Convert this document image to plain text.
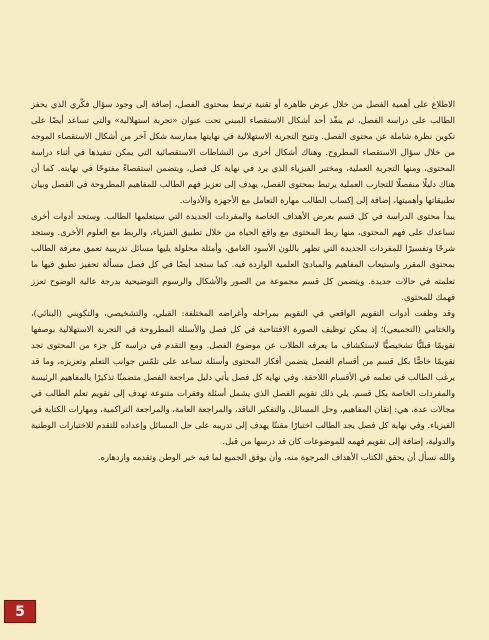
الاطلاع على أهمية الفصل من خلال عرض ظاهرة أو تقنية ترتبط بمحتوى الفصل، إضافة إلى وجود سؤال فكّري الذي يحفز الطالب على دراسة الفصل، ثم ينفّذ أحد أشكال الاستقصاء المبني تحت عنوان «تجربة استهلالية» والتي تساعد أيضًا على تكوين نظرة شاملة عن محتوى الفصل. وتتيح التجربة الاستهلالية في نهايتها ممارسة شكل آخر من أشكال الاستقصاء الموجه من خلال سؤال الاستقصاء المطروح. وهناك أشكال أخرى من النشاطات الاستقصائية التي يمكن تنفيذها في أثناء دراسة المحتوى، ومنها التجربة العملية، ومختبر الفيزياء الذي يرد في نهاية كل فصل، ويتضمن استقصاءً مفتوحًا في نهايته. كما أن هناك دليلًا منفصلًا للتجارب العملية يرتبط بمحتوى الفصل، يهدف إلى تعزيز فهم الطالب للمفاهيم المطروحة في الفصل وبيان تطبيقاتها وأهميتها، إضافة إلى إكساب الطالب مهارة التعامل مع الأجهزة والأدوات.

يبدأ محتوى الدراسة في كل قسم بعرض الأهداف الخاصة والمفردات الجديدة التي سيتعلمها الطالب. وستجد أدوات أخرى تساعدك على فهم المحتوى، منها ربط المحتوى مع واقع الحياة من خلال تطبيق الفيزياء، والربط مع العلوم الأخرى. وستجد شرحًا وتفسيرًا للمفردات الجديدة التي تظهر باللون الأسود الغامق، وأمثلة محلولة يليها مسائل تدريبية تعمق معرفة الطالب بمحتوى المقرر واستيعاب المفاهيم والمبادئ العلمية الواردة فيه. كما ستجد أيضًا في كل فصل مسألة تحفيز تطبق فيها ما تعلمته في حالات جديدة. ويتضمن كل قسم مجموعة من الصور والأشكال والرسوم التوضيحية بدرجة عالية الوضوح تعزز فهمك للمحتوى.

وقد وظفت أدوات التقويم الواقعي في التقويم بمراحله وأغراضه المختلفة: القبلي، والتشخيصي، والتكويني (البنائي)، والختامي (التجميعي)؛ إذ يمكن توظيف الصورة الافتتاحية في كل فصل والأسئلة المطروحة في التجربة الاستهلالية بوصفها تقويمًا قبليًّا تشخيصيًّا لاستكشاف ما يعرفه الطلاب عن موضوع الفصل. ومع التقدم في دراسة كل جزء من المحتوى تجد تقويمًا خاصًّا بكل قسم من أقسام الفصل يتضمن أفكار المحتوى وأسئلة تساعد على تلمّس جوانب التعلم وتعزيزه، وما قد يرغب الطالب في تعلمه في الأقسام اللاحقة. وفي نهاية كل فصل يأتي دليل مراجعة الفصل متضمنًا تذكيرًا بالمفاهيم الرئيسة والمفردات الخاصة بكل قسم. يلي ذلك تقويم الفصل الذي يشمل أسئلة وفقرات متنوعة تهدف إلى تقويم تعلم الطالب في مجالات عدة، هي: إتقان المفاهيم، وحل المسائل، والتفكير الناقد، والمراجعة العامة، والمراجعة التراكمية، ومهارات الكتابة في الفيزياء. وفي نهاية كل فصل يجد الطالب اختبارًا مقننًا يهدف إلى تدريبه على حل المسائل وإعداده للتقدم للاختبارات الوطنية والدولية، إضافة إلى تقويم فهمه للموضوعات كان قد درسها من قبل.

والله نسأل أن يحقق الكتاب الأهداف المرجوة منه، وأن يوفق الجميع لما فيه خير الوطن وتقدمه وازدهاره.

5
